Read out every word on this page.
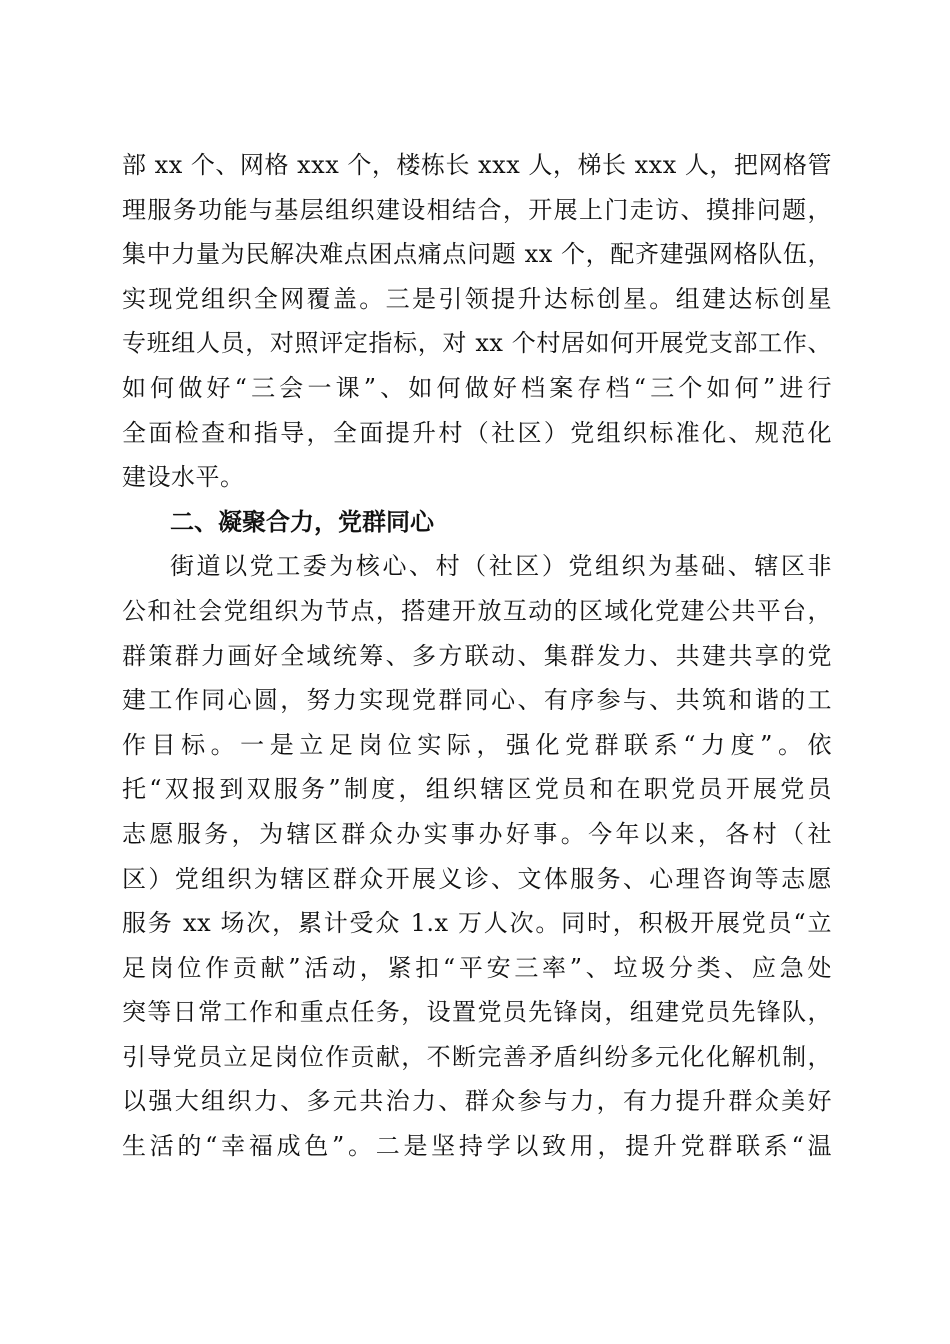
部 xx 个、网格 xxx 个，楼栋长 xxx 人，梯长 xxx 人，把网格管
理服务功能与基层组织建设相结合，开展上门走访、摸排问题，
集中力量为民解决难点困点痛点问题 xx 个，配齐建强网格队伍，
实现党组织全网覆盖。三是引领提升达标创星。组建达标创星
专班组人员，对照评定指标，对 xx 个村居如何开展党支部工作、
如何做好“三会一课”、如何做好档案存档“三个如何”进行
全面检查和指导，全面提升村（社区）党组织标准化、规范化
建设水平。
二、凝聚合力，党群同心
街道以党工委为核心、村（社区）党组织为基础、辖区非
公和社会党组织为节点，搭建开放互动的区域化党建公共平台，
群策群力画好全域统筹、多方联动、集群发力、共建共享的党
建工作同心圆，努力实现党群同心、有序参与、共筑和谐的工
作目标。一是立足岗位实际，强化党群联系“力度”。依
托“双报到双服务”制度，组织辖区党员和在职党员开展党员
志愿服务，为辖区群众办实事办好事。今年以来，各村（社
区）党组织为辖区群众开展义诊、文体服务、心理咨询等志愿
服务 xx 场次，累计受众 1.x 万人次。同时，积极开展党员“立
足岗位作贡献”活动，紧扣“平安三率”、垃圾分类、应急处
突等日常工作和重点任务，设置党员先锋岗，组建党员先锋队，
引导党员立足岗位作贡献，不断完善矛盾纠纷多元化化解机制，
以强大组织力、多元共治力、群众参与力，有力提升群众美好
生活的“幸福成色”。二是坚持学以致用，提升党群联系“温
